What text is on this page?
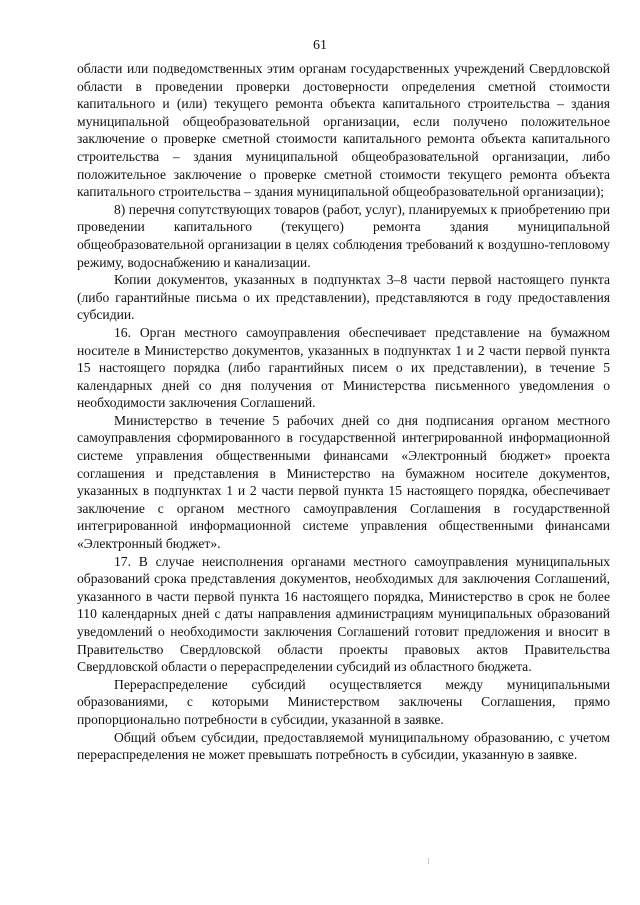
61

области или подведомственных этим органам государственных учреждений Свердловской области в проведении проверки достоверности определения сметной стоимости капитального и (или) текущего ремонта объекта капитального строительства – здания муниципальной общеобразовательной организации, если получено положительное заключение о проверке сметной стоимости капитального ремонта объекта капитального строительства – здания муниципальной общеобразовательной организации, либо положительное заключение о проверке сметной стоимости текущего ремонта объекта капитального строительства – здания муниципальной общеобразовательной организации);

8) перечня сопутствующих товаров (работ, услуг), планируемых к приобретению при проведении капитального (текущего) ремонта здания муниципальной общеобразовательной организации в целях соблюдения требований к воздушно-тепловому режиму, водоснабжению и канализации.

Копии документов, указанных в подпунктах 3–8 части первой настоящего пункта (либо гарантийные письма о их представлении), представляются в году предоставления субсидии.

16. Орган местного самоуправления обеспечивает представление на бумажном носителе в Министерство документов, указанных в подпунктах 1 и 2 части первой пункта 15 настоящего порядка (либо гарантийных писем о их представлении), в течение 5 календарных дней со дня получения от Министерства письменного уведомления о необходимости заключения Соглашений.

Министерство в течение 5 рабочих дней со дня подписания органом местного самоуправления сформированного в государственной интегрированной информационной системе управления общественными финансами «Электронный бюджет» проекта соглашения и представления в Министерство на бумажном носителе документов, указанных в подпунктах 1 и 2 части первой пункта 15 настоящего порядка, обеспечивает заключение с органом местного самоуправления Соглашения в государственной интегрированной информационной системе управления общественными финансами «Электронный бюджет».

17. В случае неисполнения органами местного самоуправления муниципальных образований срока представления документов, необходимых для заключения Соглашений, указанного в части первой пункта 16 настоящего порядка, Министерство в срок не более 110 календарных дней с даты направления администрациям муниципальных образований уведомлений о необходимости заключения Соглашений готовит предложения и вносит в Правительство Свердловской области проекты правовых актов Правительства Свердловской области о перераспределении субсидий из областного бюджета.

Перераспределение субсидий осуществляется между муниципальными образованиями, с которыми Министерством заключены Соглашения, прямо пропорционально потребности в субсидии, указанной в заявке.

Общий объем субсидии, предоставляемой муниципальному образованию, с учетом перераспределения не может превышать потребность в субсидии, указанную в заявке.
